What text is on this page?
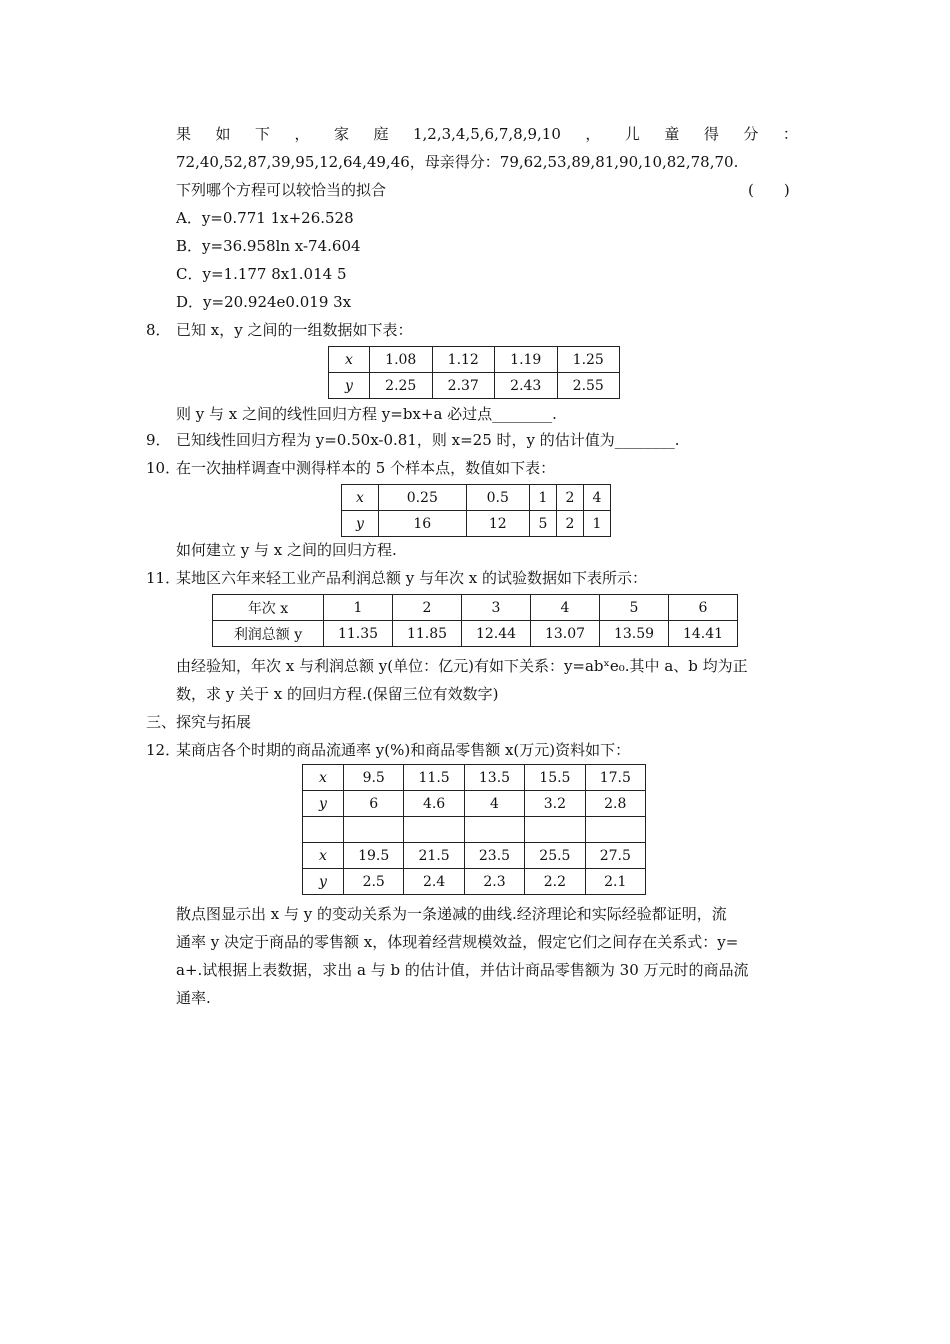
果 如 下 ， 家 庭 1,2,3,4,5,6,7,8,9,10 ， 儿 童 得 分 ：
72,40,52,87,39,95,12,64,49,46，母亲得分：79,62,53,89,81,90,10,82,78,70.
下列哪个方程可以较恰当的拟合	(　　)
A．y=0.771 1x+26.528
B．y=36.958ln x-74.604
C．y=1.177 8x1.014 5
D．y=20.924e0.019 3x
8． 已知 x，y 之间的一组数据如下表：
x	1.08	1.12	1.19	1.25
y	2.25	2.37	2.43	2.55
则 y 与 x 之间的线性回归方程 y=bx+a 必过点________.
9． 已知线性回归方程为 y=0.50x-0.81，则 x=25 时，y 的估计值为________.
10．
在一次抽样调查中测得样本的 5 个样本点，数值如下表：
x	0.25	0.5	1	2	4
y	16	12	5	2	1
如何建立 y 与 x 之间的回归方程.
11．
某地区六年来轻工业产品利润总额 y 与年次 x 的试验数据如下表所示：
年次 x	1	2	3	4	5	6
利润总额 y	11.35	11.85	12.44	13.07	13.59	14.41
由经验知，年次 x 与利润总额 y(单位：亿元)有如下关系：y=abˣe₀.其中 a、b 均为正
数，求 y 关于 x 的回归方程.(保留三位有效数字)
三、探究与拓展
12．
某商店各个时期的商品流通率 y(%)和商品零售额 x(万元)资料如下：
x	9.5	11.5	13.5	15.5	17.5
y	6	4.6	4	3.2	2.8

x	19.5	21.5	23.5	25.5	27.5
y	2.5	2.4	2.3	2.2	2.1
散点图显示出 x 与 y 的变动关系为一条递减的曲线.经济理论和实际经验都证明，流
通率 y 决定于商品的零售额 x，体现着经营规模效益，假定它们之间存在关系式：y=
a+.试根据上表数据，求出 a 与 b 的估计值，并估计商品零售额为 30 万元时的商品流
通率.
